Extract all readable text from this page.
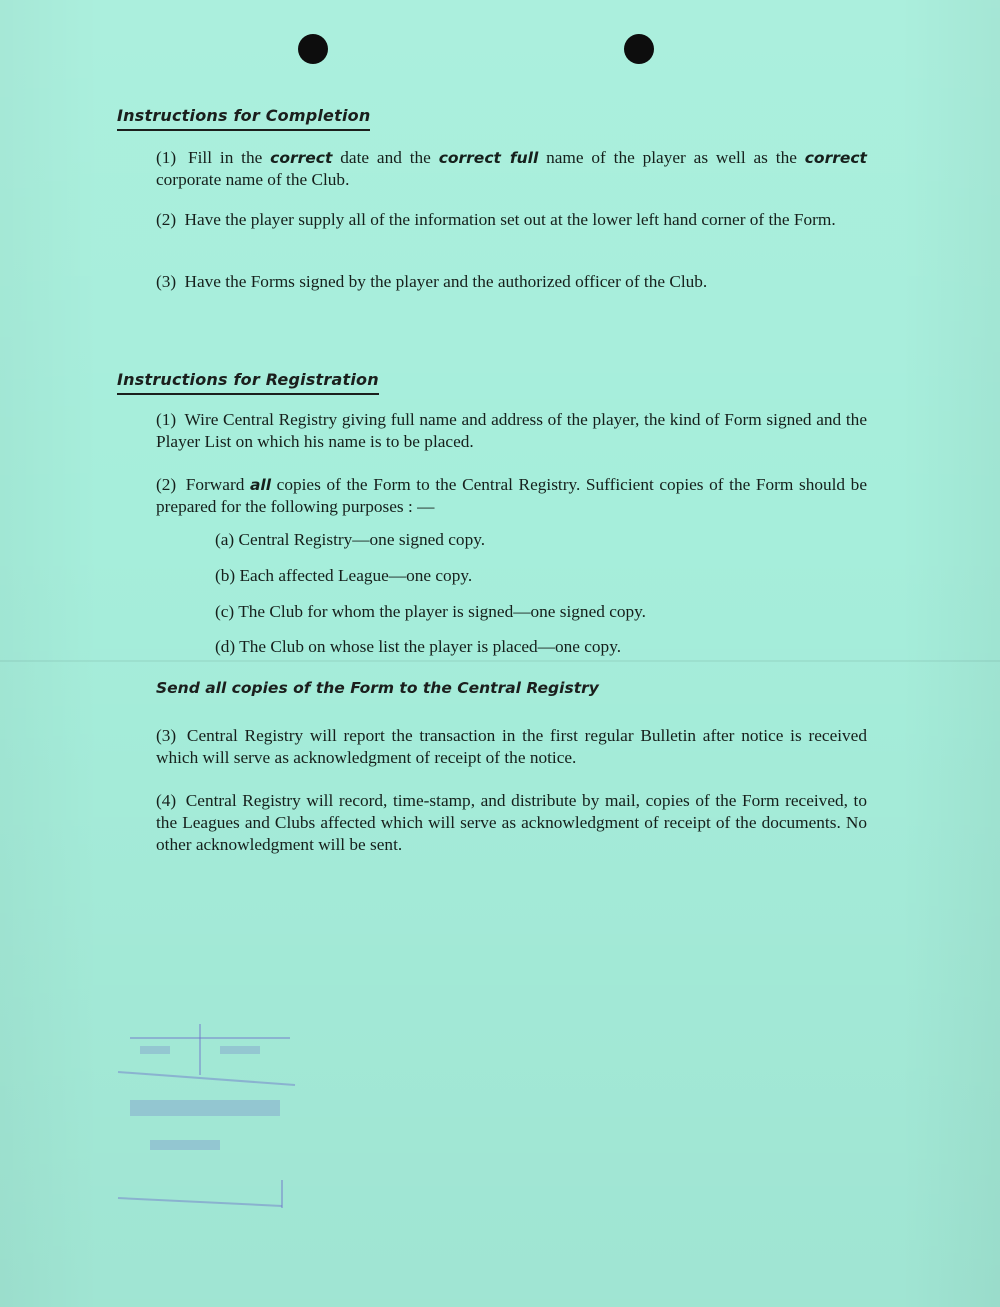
Instructions for Completion

(1) Fill in the correct date and the correct full name of the player as well as the correct corporate name of the Club.

(2) Have the player supply all of the information set out at the lower left hand corner of the Form.

(3) Have the Forms signed by the player and the authorized officer of the Club.

Instructions for Registration

(1) Wire Central Registry giving full name and address of the player, the kind of Form signed and the Player List on which his name is to be placed.

(2) Forward all copies of the Form to the Central Registry. Sufficient copies of the Form should be prepared for the following purposes : —

(a) Central Registry—one signed copy.

(b) Each affected League—one copy.

(c) The Club for whom the player is signed—one signed copy.

(d) The Club on whose list the player is placed—one copy.

Send all copies of the Form to the Central Registry

(3) Central Registry will report the transaction in the first regular Bulletin after notice is received which will serve as acknowledgment of receipt of the notice.

(4) Central Registry will record, time-stamp, and distribute by mail, copies of the Form received, to the Leagues and Clubs affected which will serve as acknowledgment of receipt of the documents. No other acknowledgment will be sent.
